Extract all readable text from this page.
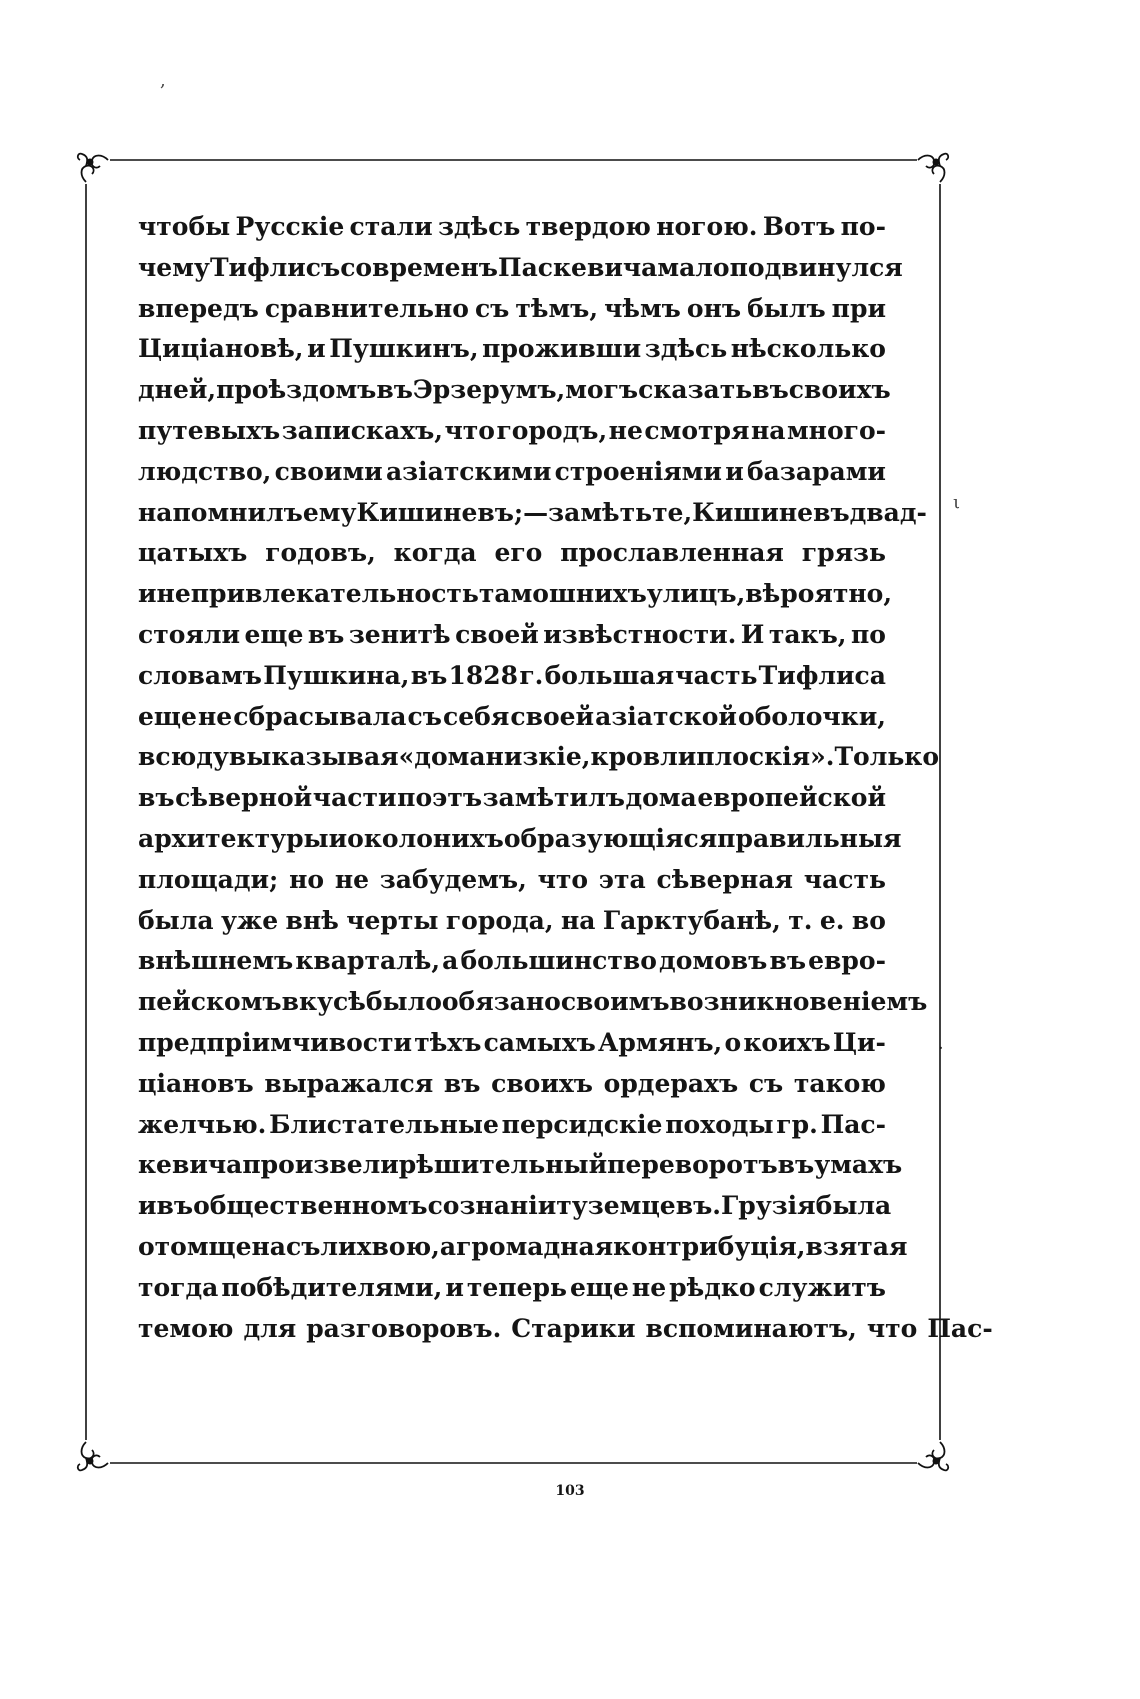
,
ι
·
чтобы Русскіе стали здѣсь твердою ногою. Вотъ по-
чему Тифлисъ со временъ Паскевича мало подвинулся
впередъ сравнительно съ тѣмъ, чѣмъ онъ былъ при
Циціановѣ, и Пушкинъ, проживши здѣсь нѣсколько
дней, проѣздомъ въ Эрзерумъ, могъ сказать въ своихъ
путевыхъ запискахъ, что городъ, не смотря на много-
людство, своими азіатскими строеніями и базарами
напомнилъ ему Кишиневъ;—замѣтьте, Кишиневъ двад-
цатыхъ годовъ, когда его прославленная грязь
и непривлекательность тамошнихъ улицъ, вѣроятно,
стояли еще въ зенитѣ своей извѣстности. И такъ, по
словамъ Пушкина, въ 1828 г. большая часть Тифлиса
еще не сбрасывала съ себя своей азіатской оболочки,
всюду выказывая «дома низкіе, кровли плоскія». Только
въ сѣверной части поэтъ замѣтилъ дома европейской
архитектуры и около нихъ образующіяся правильныя
площади; но не забудемъ, что эта сѣверная часть
была уже внѣ черты города, на Гарктубанѣ, т. е. во
внѣшнемъ кварталѣ, а большинство домовъ въ евро-
пейскомъ вкусѣ было обязано своимъ возникновеніемъ
предпріимчивости тѣхъ самыхъ Армянъ, о коихъ Ци-
ціановъ выражался въ своихъ ордерахъ съ такою
желчью. Блистательные персидскіе походы гр. Пас-
кевича произвели рѣшительный переворотъ въ умахъ
и въ общественномъ сознаніи туземцевъ. Грузія была
отомщена съ лихвою, а громадная контрибуція, взятая
тогда побѣдителями, и теперь еще не рѣдко служитъ
темою для разговоровъ. Старики вспоминаютъ, что Пас-
103
